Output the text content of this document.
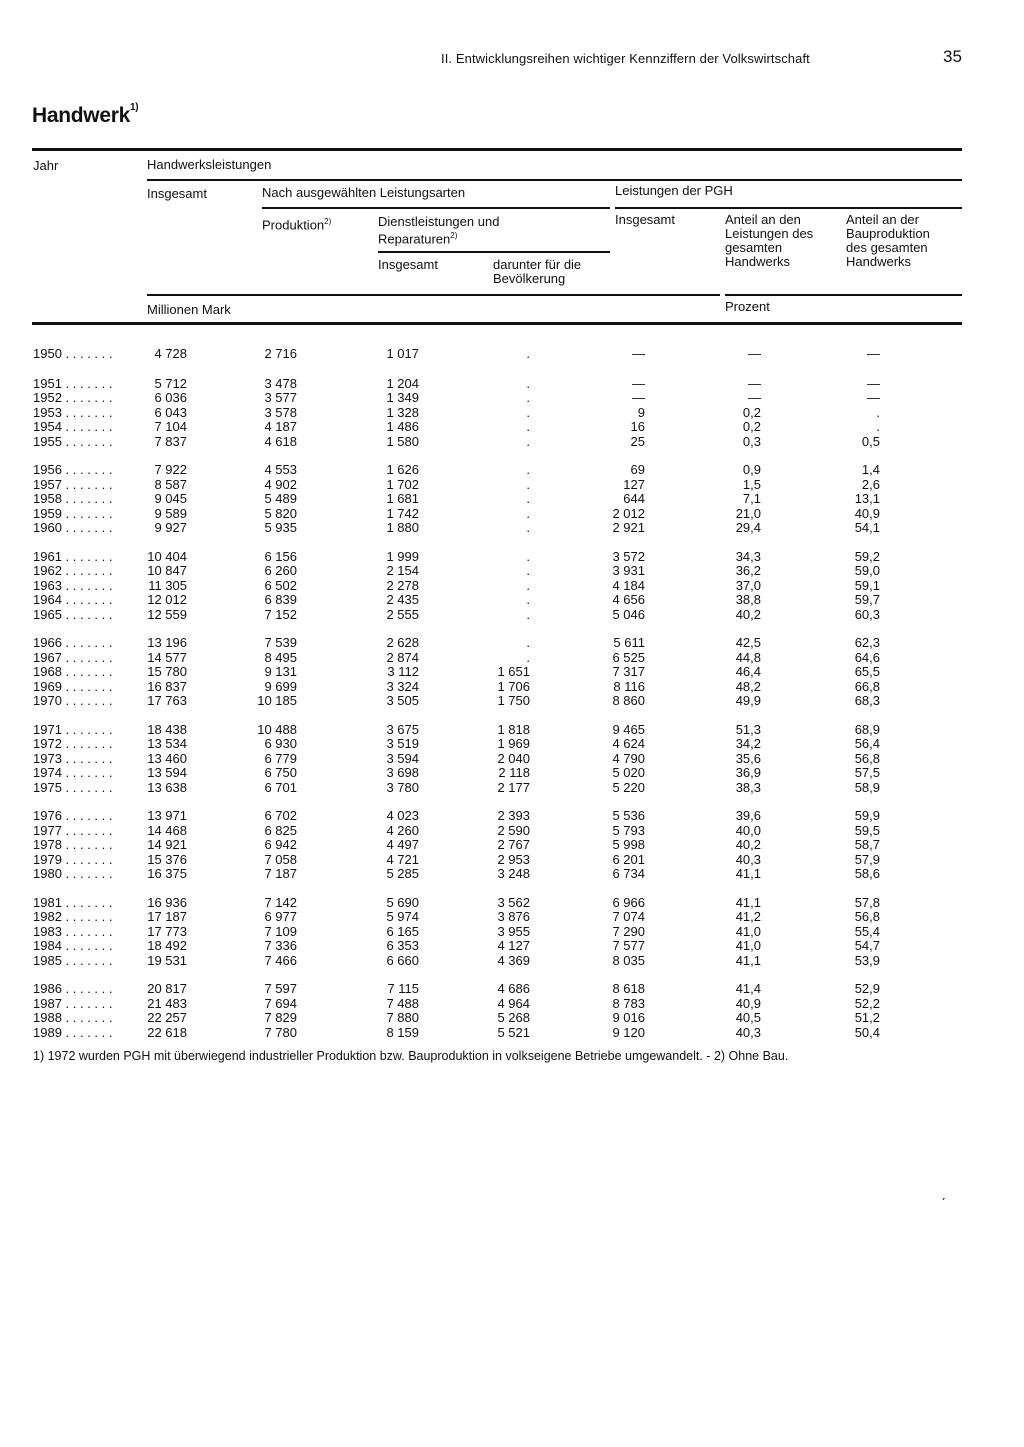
II. Entwicklungsreihen wichtiger Kennziffern der Volkswirtschaft	35
Handwerk$^{1)}$
Jahr	Handwerksleistungen
Insgesamt	Nach ausgewählten Leistungsarten	Leistungen der PGH
Produktion$^{2)}$	Dienstleistungen und
Reparaturen$^{2)}$
Insgesamt	Anteil an den
Leistungen des
gesamten
Handwerks
Anteil an der
Bauproduktion
des gesamten
Handwerks
Insgesamt	darunter für die
Bevölkerung
Millionen Mark	Prozent
1950 . . . . . . .	4 728	2 716	1 017	.	—	—	—
1951 . . . . . . .	5 712	3 478	1 204	.	—	—	—
1952 . . . . . . .	6 036	3 577	1 349	.	—	—	—
1953 . . . . . . .	6 043	3 578	1 328	.	9	0,2	.
1954 . . . . . . .	7 104	4 187	1 486	.	16	0,2	.
1955 . . . . . . .	7 837	4 618	1 580	.	25	0,3	0,5
1956 . . . . . . .	7 922	4 553	1 626	.	69	0,9	1,4
1957 . . . . . . .	8 587	4 902	1 702	.	127	1,5	2,6
1958 . . . . . . .	9 045	5 489	1 681	.	644	7,1	13,1
1959 . . . . . . .	9 589	5 820	1 742	.	2 012	21,0	40,9
1960 . . . . . . .	9 927	5 935	1 880	.	2 921	29,4	54,1
1961 . . . . . . .	10 404	6 156	1 999	.	3 572	34,3	59,2
1962 . . . . . . .	10 847	6 260	2 154	.	3 931	36,2	59,0
1963 . . . . . . .	11 305	6 502	2 278	.	4 184	37,0	59,1
1964 . . . . . . .	12 012	6 839	2 435	.	4 656	38,8	59,7
1965 . . . . . . .	12 559	7 152	2 555	.	5 046	40,2	60,3
1966 . . . . . . .	13 196	7 539	2 628	.	5 611	42,5	62,3
1967 . . . . . . .	14 577	8 495	2 874	.	6 525	44,8	64,6
1968 . . . . . . .	15 780	9 131	3 112	1 651	7 317	46,4	65,5
1969 . . . . . . .	16 837	9 699	3 324	1 706	8 116	48,2	66,8
1970 . . . . . . .	17 763	10 185	3 505	1 750	8 860	49,9	68,3
1971 . . . . . . .	18 438	10 488	3 675	1 818	9 465	51,3	68,9
1972 . . . . . . .	13 534	6 930	3 519	1 969	4 624	34,2	56,4
1973 . . . . . . .	13 460	6 779	3 594	2 040	4 790	35,6	56,8
1974 . . . . . . .	13 594	6 750	3 698	2 118	5 020	36,9	57,5
1975 . . . . . . .	13 638	6 701	3 780	2 177	5 220	38,3	58,9
1976 . . . . . . .	13 971	6 702	4 023	2 393	5 536	39,6	59,9
1977 . . . . . . .	14 468	6 825	4 260	2 590	5 793	40,0	59,5
1978 . . . . . . .	14 921	6 942	4 497	2 767	5 998	40,2	58,7
1979 . . . . . . .	15 376	7 058	4 721	2 953	6 201	40,3	57,9
1980 . . . . . . .	16 375	7 187	5 285	3 248	6 734	41,1	58,6
1981 . . . . . . .	16 936	7 142	5 690	3 562	6 966	41,1	57,8
1982 . . . . . . .	17 187	6 977	5 974	3 876	7 074	41,2	56,8
1983 . . . . . . .	17 773	7 109	6 165	3 955	7 290	41,0	55,4
1984 . . . . . . .	18 492	7 336	6 353	4 127	7 577	41,0	54,7
1985 . . . . . . .	19 531	7 466	6 660	4 369	8 035	41,1	53,9
1986 . . . . . . .	20 817	7 597	7 115	4 686	8 618	41,4	52,9
1987 . . . . . . .	21 483	7 694	7 488	4 964	8 783	40,9	52,2
1988 . . . . . . .	22 257	7 829	7 880	5 268	9 016	40,5	51,2
1989 . . . . . . .	22 618	7 780	8 159	5 521	9 120	40,3	50,4
1) 1972 wurden PGH mit überwiegend industrieller Produktion bzw. Bauproduktion in volkseigene Betriebe umgewandelt. - 2) Ohne Bau.
ˏ
